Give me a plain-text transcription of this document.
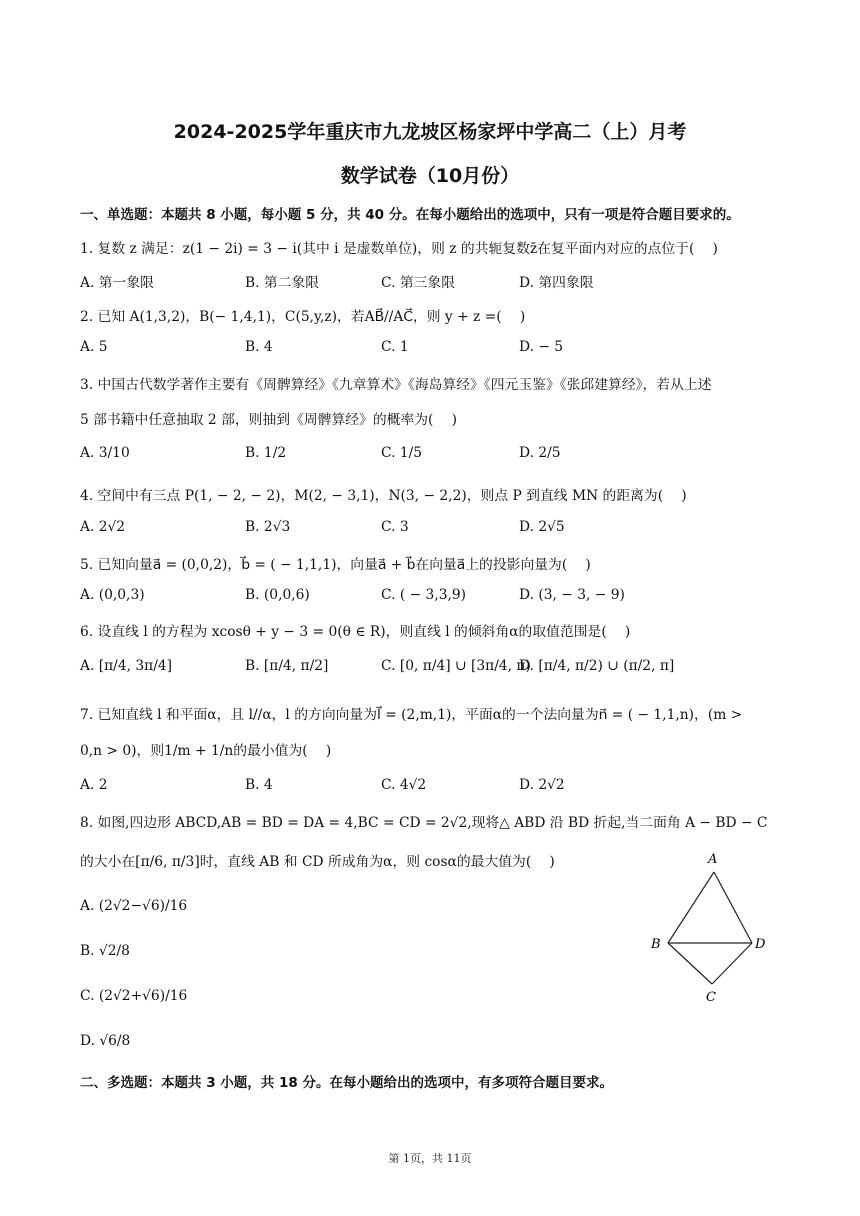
2024-2025学年重庆市九龙坡区杨家坪中学高二（上）月考
数学试卷（10月份）
一、单选题：本题共 8 小题，每小题 5 分，共 40 分。在每小题给出的选项中，只有一项是符合题目要求的。
1. 复数 z 满足：z(1 − 2i) = 3 − i(其中 i 是虚数单位)，则 z 的共轭复数z̄在复平面内对应的点位于(　 )
A. 第一象限	B. 第二象限	C. 第三象限	D. 第四象限
2. 已知 A(1,3,2)，B(− 1,4,1)，C(5,y,z)，若AB⃗//AC⃗，则 y + z =(　 )
A. 5	B. 4	C. 1	D. − 5
3. 中国古代数学著作主要有《周髀算经》《九章算术》《海岛算经》《四元玉鉴》《张邱建算经》，若从上述
5 部书籍中任意抽取 2 部，则抽到《周髀算经》的概率为(　 )
A. 3/10	B. 1/2	C. 1/5	D. 2/5
4. 空间中有三点 P(1, − 2, − 2)，M(2, − 3,1)，N(3, − 2,2)，则点 P 到直线 MN 的距离为(　 )
A. 2√2	B. 2√3	C. 3	D. 2√5
5. 已知向量a⃗ = (0,0,2)，b⃗ = ( − 1,1,1)，向量a⃗ + b⃗在向量a⃗上的投影向量为(　 )
A. (0,0,3)	B. (0,0,6)	C. ( − 3,3,9)	D. (3, − 3, − 9)
6. 设直线 l 的方程为 xcosθ + y − 3 = 0(θ ∈ R)，则直线 l 的倾斜角α的取值范围是(　 )
A. [π/4, 3π/4]	B. [π/4, π/2]	C. [0, π/4] ∪ [3π/4, π)
D. [π/4, π/2) ∪ (π/2, π]
7. 已知直线 l 和平面α，且 l//α，l 的方向向量为l⃗ = (2,m,1)，平面α的一个法向量为n⃗ = ( − 1,1,n)，(m >
0,n > 0)，则1/m + 1/n的最小值为(　 )
A. 2	B. 4	C. 4√2	D. 2√2
8. 如图,四边形 ABCD,AB = BD = DA = 4,BC = CD = 2√2,现将△ ABD 沿 BD 折起,当二面角 A − BD − C
的大小在[π/6, π/3]时，直线 AB 和 CD 所成角为α，则 cosα的最大值为(　 )
A. (2√2−√6)/16
B. √2/8
C. (2√2+√6)/16
D. √6/8
A
B	D
C
二、多选题：本题共 3 小题，共 18 分。在每小题给出的选项中，有多项符合题目要求。
第 1页，共 11页
